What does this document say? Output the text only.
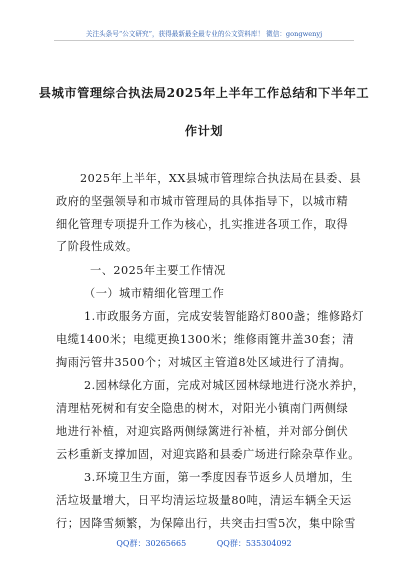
关注头条号“公文研究”，获得最新最全最专业的公文资料库！ 微信：gongwenyj
县城市管理综合执法局2025年上半年工作总结和下半年工
作计划
2025年上半年，XX县城市管理综合执法局在县委、县
政府的坚强领导和市城市管理局的具体指导下，以城市精
细化管理专项提升工作为核心，扎实推进各项工作，取得
了阶段性成效。
一、2025年主要工作情况
（一）城市精细化管理工作
1.市政服务方面，完成安装智能路灯800盏；维修路灯
电缆1400米；电缆更换1300米；维修雨篦井盖30套；清
掏雨污管井3500个；对城区主管道8处区域进行了清掏。
2.园林绿化方面，完成对城区园林绿地进行浇水养护，
清理枯死树和有安全隐患的树木，对阳光小镇南门两侧绿
地进行补植，对迎宾路两侧绿篱进行补植，并对部分倒伏
云杉重新支撑加固，对迎宾路和县委广场进行除杂草作业。
3.环境卫生方面，第一季度因春节返乡人员增加，生
活垃圾量增大，日平均清运垃圾量80吨，清运车辆全天运
行；因降雪频繁，为保障出行，共突击扫雪5次，集中除雪
QQ群：30265665	QQ群：535304092
